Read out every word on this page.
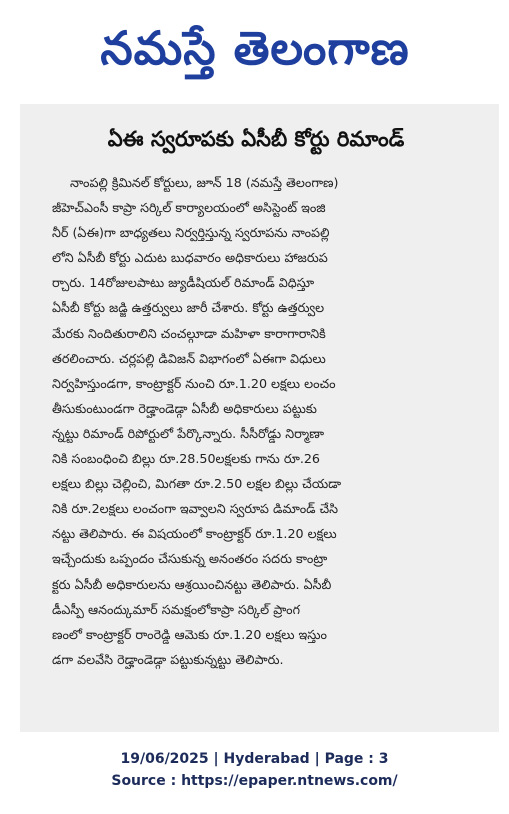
నమస్తే తెలంగాణ
ఏఈ స్వరూపకు ఏసీబీ కోర్టు రిమాండ్
నాంపల్లి క్రిమినల్ కోర్టులు, జూన్ 18 (నమస్తే తెలంగాణ)
జీహెచ్ఎంసీ కాప్రా సర్కిల్ కార్యాలయంలో అసిస్టెంట్ ఇంజి
నీర్ (ఏఈ)గా బాధ్యతలు నిర్వర్తిస్తున్న స్వరూపను నాంపల్లి
లోని ఏసీబీ కోర్టు ఎదుట బుధవారం అధికారులు హాజరుప
ర్చారు. 14రోజులపాటు జ్యుడీషియల్ రిమాండ్ విధిస్తూ
ఏసీబీ కోర్టు జడ్జి ఉత్తర్వులు జారీ చేశారు. కోర్టు ఉత్తర్వుల
మేరకు నిందితురాలిని చంచల్గూడా మహిళా కారాగారానికి
తరలించారు. చర్లపల్లి డివిజన్ విభాగంలో ఏఈగా విధులు
నిర్వహిస్తుండగా, కాంట్రాక్టర్ నుంచి రూ.1.20 లక్షలు లంచం
తీసుకుంటుండగా రెడ్హాండెడ్గా ఏసీబీ అధికారులు పట్టుకు
న్నట్టు రిమాండ్ రిపోర్టులో పేర్కొన్నారు. సీసీరోడ్డు నిర్మాణా
నికి సంబంధించి బిల్లు రూ.28.50లక్షలకు గాను రూ.26
లక్షలు బిల్లు చెల్లించి, మిగతా రూ.2.50 లక్షల బిల్లు చేయడా
నికి రూ.2లక్షలు లంచంగా ఇవ్వాలని స్వరూప డిమాండ్ చేసి
నట్టు తెలిపారు. ఈ విషయంలో కాంట్రాక్టర్ రూ.1.20 లక్షలు
ఇచ్చేందుకు ఒప్పందం చేసుకున్న అనంతరం సదరు కాంట్రా
క్టరు ఏసీబీ అధికారులను ఆశ్రయించినట్టు తెలిపారు. ఏసీబీ
డీఎస్పీ ఆనంద్కుమార్ సమక్షంలోకాప్రా సర్కిల్ ప్రాంగ
ణంలో కాంట్రాక్టర్ రాంరెడ్డి ఆమెకు రూ.1.20 లక్షలు ఇస్తుం
డగా వలవేసి రెడ్హాండెడ్గా పట్టుకున్నట్టు తెలిపారు.
19/06/2025 | Hyderabad | Page : 3
Source : https://epaper.ntnews.com/
